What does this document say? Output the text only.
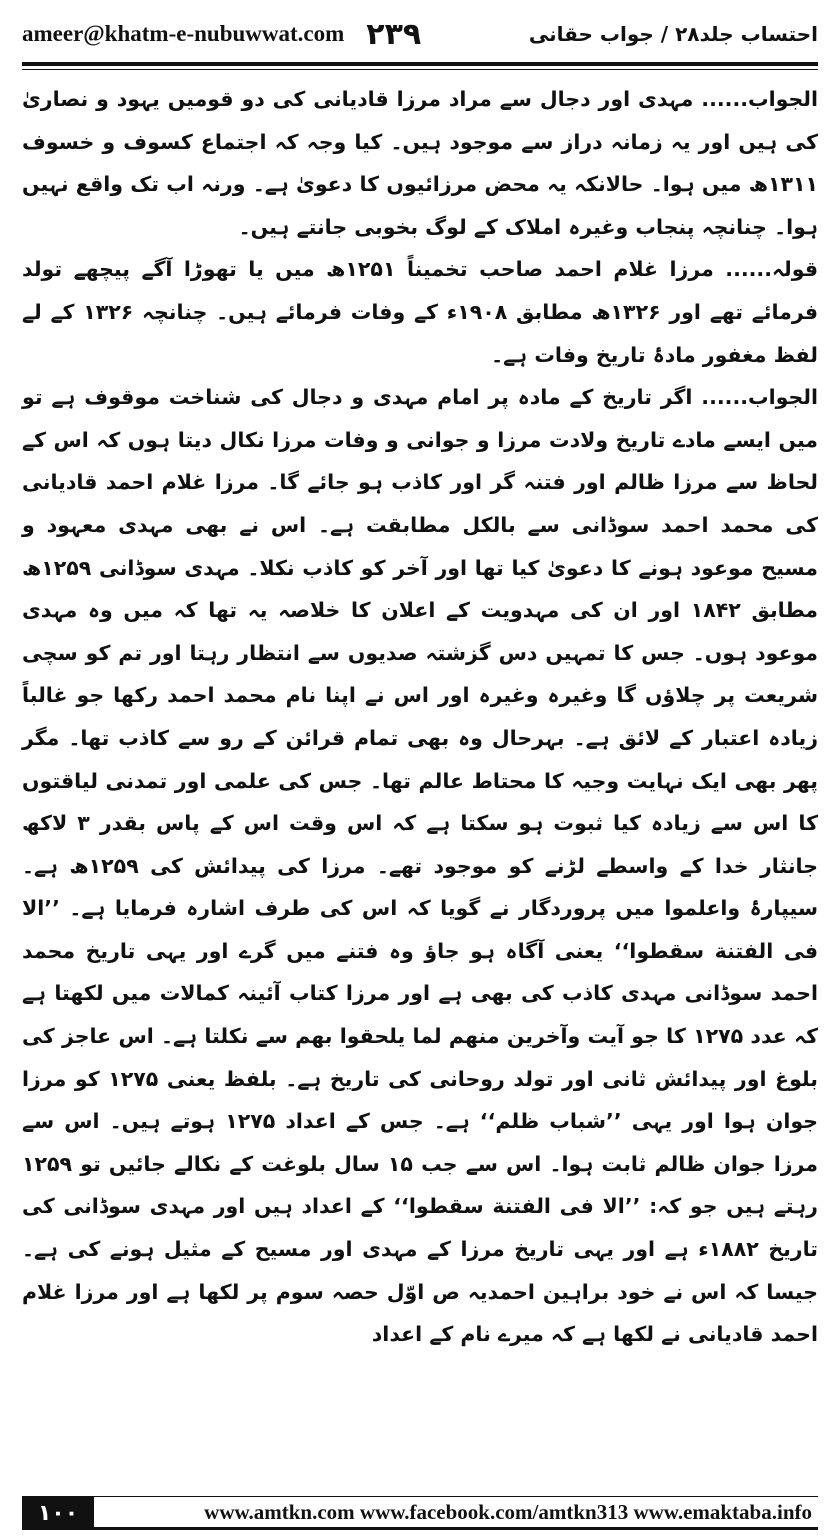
ameer@khatm-e-nubuwwat.com ۲۳۹	احتساب جلد۲۸ / جواب حقانی

الجواب...... مہدی اور دجال سے مراد مرزا قادیانی کی دو قومیں یہود و نصاریٰ کی ہیں اور یہ زمانہ دراز سے موجود ہیں۔ کیا وجہ کہ اجتماع کسوف و خسوف ۱۳۱۱ھ میں ہوا۔ حالانکہ یہ محض مرزائیوں کا دعویٰ ہے۔ ورنہ اب تک واقع نہیں ہوا۔ چنانچہ پنجاب وغیرہ املاک کے لوگ بخوبی جانتے ہیں۔

قولہ...... مرزا غلام احمد صاحب تخمیناً ۱۲۵۱ھ میں یا تھوڑا آگے پیچھے تولد فرمائے تھے اور ۱۳۲۶ھ مطابق ۱۹۰۸ء کے وفات فرمائے ہیں۔ چنانچہ ۱۳۲۶ کے لے لفظ مغفور مادۂ تاریخ وفات ہے۔

الجواب...... اگر تاریخ کے مادہ پر امام مہدی و دجال کی شناخت موقوف ہے تو میں ایسے مادے تاریخ ولادت مرزا و جوانی و وفات مرزا نکال دیتا ہوں کہ اس کے لحاظ سے مرزا ظالم اور فتنہ گر اور کاذب ہو جائے گا۔ مرزا غلام احمد قادیانی کی محمد احمد سوڈانی سے بالکل مطابقت ہے۔ اس نے بھی مہدی معہود و مسیح موعود ہونے کا دعویٰ کیا تھا اور آخر کو کاذب نکلا۔ مہدی سوڈانی ۱۲۵۹ھ مطابق ۱۸۴۲ اور ان کی مہدویت کے اعلان کا خلاصہ یہ تھا کہ میں وہ مہدی موعود ہوں۔ جس کا تمہیں دس گزشتہ صدیوں سے انتظار رہتا اور تم کو سچی شریعت پر چلاؤں گا وغیرہ وغیرہ اور اس نے اپنا نام محمد احمد رکھا جو غالباً زیادہ اعتبار کے لائق ہے۔ بہرحال وہ بھی تمام قرائن کے رو سے کاذب تھا۔ مگر پھر بھی ایک نہایت وجیہ کا محتاط عالم تھا۔ جس کی علمی اور تمدنی لیاقتوں کا اس سے زیادہ کیا ثبوت ہو سکتا ہے کہ اس وقت اس کے پاس بقدر ۳ لاکھ جانثار خدا کے واسطے لڑنے کو موجود تھے۔ مرزا کی پیدائش کی ۱۲۵۹ھ ہے۔ سیپارۂ واعلموا میں پروردگار نے گویا کہ اس کی طرف اشارہ فرمایا ہے۔ ’’الا فی الفتنة سقطوا‘‘ یعنی آگاہ ہو جاؤ وہ فتنے میں گرے اور یہی تاریخ محمد احمد سوڈانی مہدی کاذب کی بھی ہے اور مرزا کتاب آئینہ کمالات میں لکھتا ہے کہ عدد ۱۲۷۵ کا جو آیت وآخرین منھم لما یلحقوا بھم سے نکلتا ہے۔ اس عاجز کی بلوغ اور پیدائش ثانی اور تولد روحانی کی تاریخ ہے۔ بلفظ یعنی ۱۲۷۵ کو مرزا جوان ہوا اور یہی ’’شباب ظلم‘‘ ہے۔ جس کے اعداد ۱۲۷۵ ہوتے ہیں۔ اس سے مرزا جوان ظالم ثابت ہوا۔ اس سے جب ۱۵ سال بلوغت کے نکالے جائیں تو ۱۲۵۹ رہتے ہیں جو کہ: ’’الا فی الفتنة سقطوا‘‘ کے اعداد ہیں اور مہدی سوڈانی کی تاریخ ۱۸۸۲ء ہے اور یہی تاریخ مرزا کے مہدی اور مسیح کے مثیل ہونے کی ہے۔ جیسا کہ اس نے خود براہین احمدیہ ص اوّل حصہ سوم پر لکھا ہے اور مرزا غلام احمد قادیانی نے لکھا ہے کہ میرے نام کے اعداد

۱۰۰	www.amtkn.com www.facebook.com/amtkn313 www.emaktaba.info
